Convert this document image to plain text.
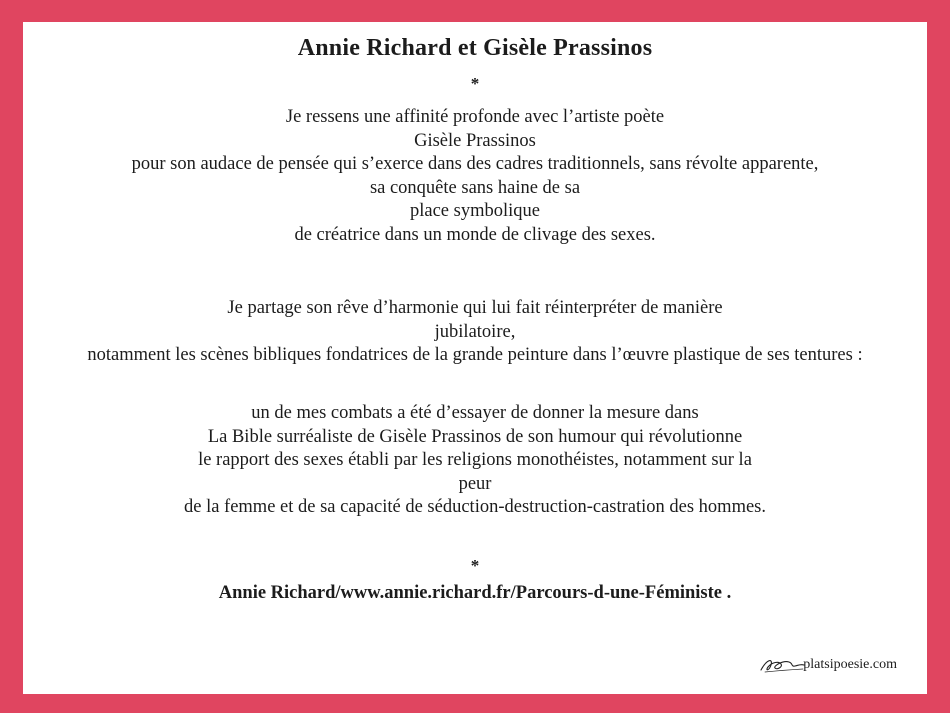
Annie Richard et Gisèle Prassinos
*
Je ressens une affinité profonde avec l’artiste poète
Gisèle Prassinos
pour son audace de pensée qui s’exerce dans des cadres traditionnels, sans révolte apparente,
sa conquête sans haine de sa
place symbolique
de créatrice dans un monde de clivage des sexes.
Je partage son rêve d’harmonie qui lui fait réinterpréter de manière
jubilatoire,
notamment les scènes bibliques fondatrices de la grande peinture dans l’œuvre plastique de ses tentures :
un de mes combats a été d’essayer de donner la mesure dans
La Bible surréaliste de Gisèle Prassinos de son humour qui révolutionne
le rapport des sexes établi par les religions monothéistes, notamment sur la
peur
de la femme et de sa capacité de séduction-destruction-castration des hommes.
*
Annie Richard/www.annie.richard.fr/Parcours-d-une-Féministe .
platsipoesie.com
